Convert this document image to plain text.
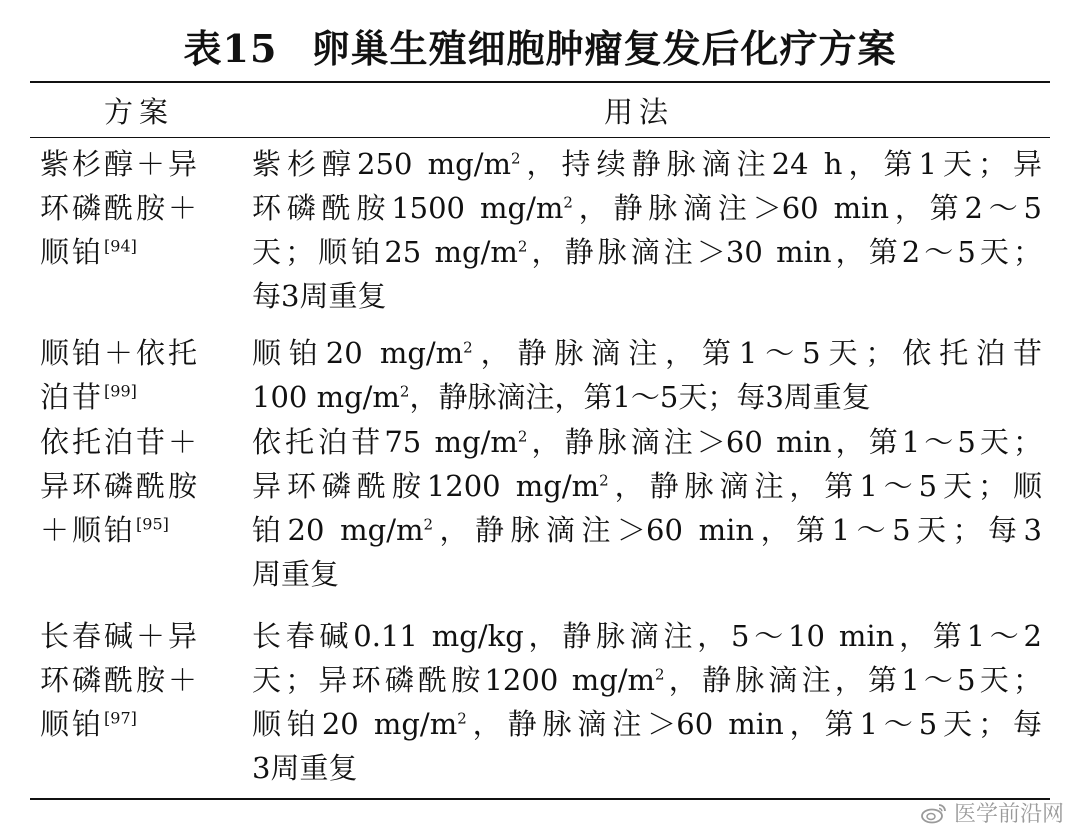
表15 卵巢生殖细胞肿瘤复发后化疗方案
方案	用法
紫杉醇＋异
环磷酰胺＋
顺铂[94]

紫杉醇250 $mg/m^2$，持续静脉滴注24 h，第1天；异
环磷酰胺1500 $mg/m^2$，静脉滴注＞60 min，第2～5
天；顺铂25 $mg/m^2$，静脉滴注＞30 min，第2～5天；
每3周重复
顺铂＋依托
泊苷[99]

顺铂20 $mg/m^2$，静脉滴注，第1～5天；依托泊苷
100 $mg/m^2$，静脉滴注，第1～5天；每3周重复
依托泊苷＋
异环磷酰胺
＋顺铂[95]

依托泊苷75 $mg/m^2$，静脉滴注＞60 min，第1～5天；
异环磷酰胺1200 $mg/m^2$，静脉滴注，第1～5天；顺
铂20 $mg/m^2$，静脉滴注＞60 min，第1～5天；每3
周重复
长春碱＋异
环磷酰胺＋
顺铂[97]

长春碱0.11 mg/kg，静脉滴注，5～10 min，第1～2
天；异环磷酰胺1200 $mg/m^2$，静脉滴注，第1～5天；
顺铂20 $mg/m^2$，静脉滴注＞60 min，第1～5天；每
3周重复
医学前沿网
